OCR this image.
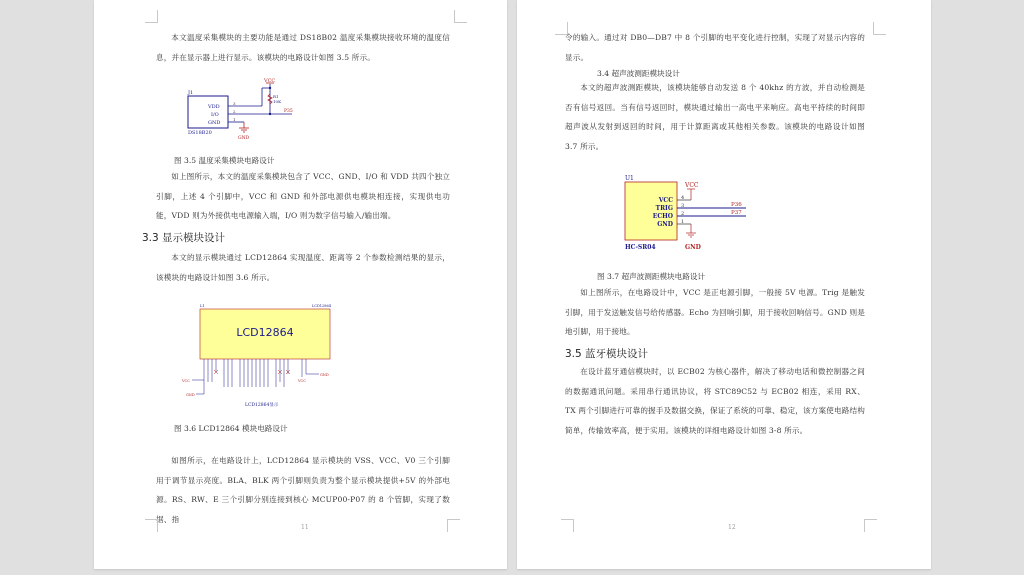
本文温度采集模块的主要功能是通过 DS18B02 温度采集模块接收环境的温度信息，并在显示器上进行显示。该模块的电路设计如图 3.5 所示。
J1
VDD
I/O
GND
DS18B20
3
2
1
VCC
R1
10K
P35
GND
图 3.5 温度采集模块电路设计
如上图所示，本文的温度采集模块包含了 VCC、GND、I/O 和 VDD 共四个独立引脚，上述 4 个引脚中，VCC 和 GND 和外部电源供电模块相连接，实现供电功能，VDD 则为外接供电电源输入端，I/O 则为数字信号输入/输出端。
3.3 显示模块设计
本文的显示模块通过 LCD12864 实现温度、距离等 2 个参数检测结果的显示，该模块的电路设计如图 3.6 所示。
L1	LCD12864
LCD12864
VCC
GND
GND
VCC
LCD12864显示
图 3.6 LCD12864 模块电路设计
如图所示，在电路设计上，LCD12864 显示模块的 VSS、VCC、V0 三个引脚用于调节显示亮度。BLA、BLK 两个引脚则负责为整个显示模块提供+5V 的外部电源。RS、RW、E 三个引脚分别连接到核心 MCUP00-P07 的 8 个管脚，实现了数据、指
11
令的输入。通过对 DB0—DB7 中 8 个引脚的电平变化进行控制，实现了对显示内容的显示。
3.4 超声波测距模块设计
本文的超声波测距模块，该模块能够自动发送 8 个 40khz 的方波，并自动检测是否有信号返回。当有信号返回时，模块通过输出一高电平来响应。高电平持续的时间即超声波从发射到返回的时间，用于计算距离或其他相关参数。该模块的电路设计如图 3.7 所示。
U1
VCC
TRIG
ECHO
GND
HC-SR04
4
3
2
1
VCC
GND
P36
P37
图 3.7 超声波测距模块电路设计
如上图所示，在电路设计中，VCC 是正电源引脚，一般接 5V 电源。Trig 是触发引脚，用于发送触发信号给传感器。Echo 为回响引脚，用于接收回响信号。GND 则是地引脚，用于接地。
3.5 蓝牙模块设计
在设计蓝牙通信模块时，以 ECB02 为核心器件，解决了移动电话和微控制器之间的数据通讯问题。采用串行通讯协议，将 STC89C52 与 ECB02 相连，采用 RX、 TX 两个引脚进行可靠的握手及数据交换，保证了系统的可靠、稳定，该方案使电路结构简单，传输效率高，便于实用。该模块的详细电路设计如图 3-8 所示。
12
